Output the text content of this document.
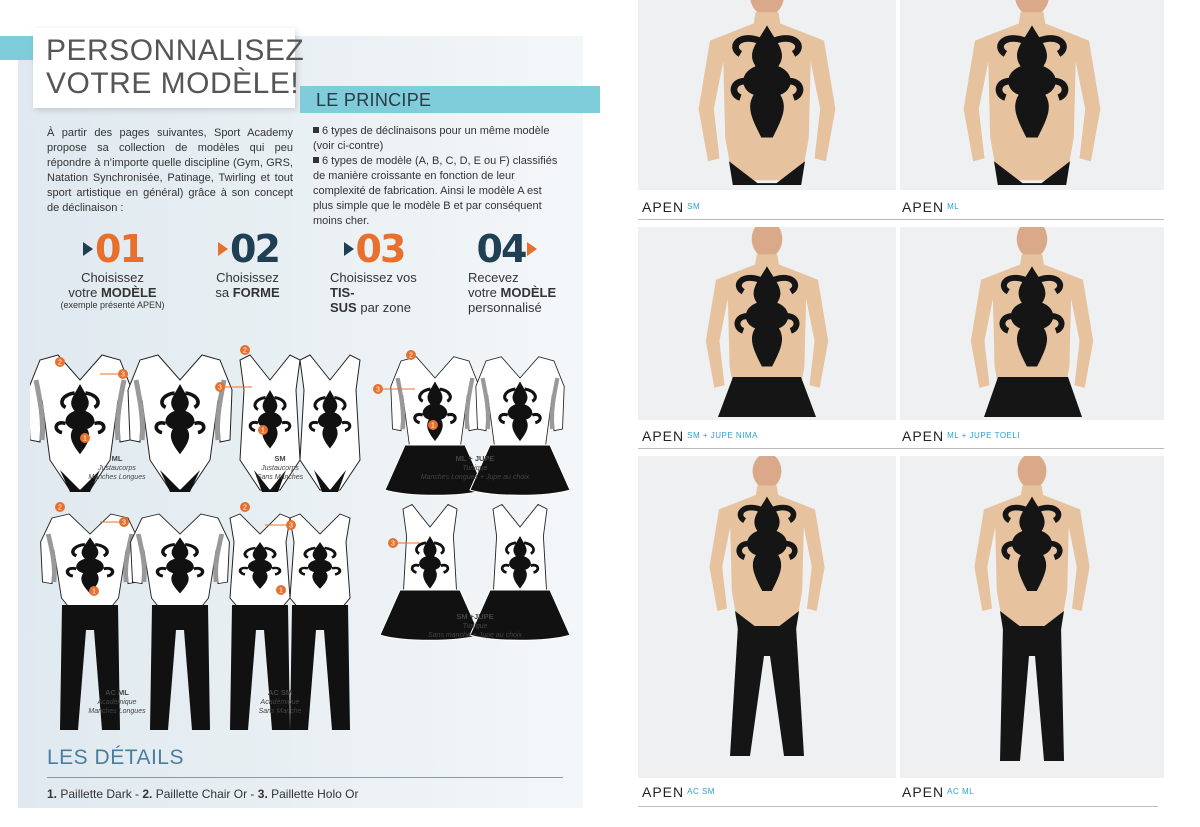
PERSONNALISEZ
VOTRE MODÈLE! LE PRINCIPE
À partir des pages suivantes, Sport Academy propose sa collection de modèles qui peu répondre à n’importe quelle discipline (Gym, GRS, Natation Synchronisée, Patinage, Twirling et tout sport artistique en général) grâce à son concept de déclinaison :

6 types de déclinaisons pour un même modèle (voir ci-contre)

6 types de modèle (A, B, C, D, E ou F) classifiés de manière croissante en fonction de leur complexité de fabrication. Ainsi le modèle A est plus simple que le modèle B et par conséquent moins cher.

01
Choisissez
votre MODÈLE
(exemple présenté APEN)
02
Choisissez
sa FORME
03
Choisissez vos TIS-
SUS par zone
04
Recevez
votre MODÈLE
personnalisé
2
3
1
2
3
1
2
3
1
2
3
1
2
3
1
3
ML
Justaucorps
Manches Longues
SM
Justaucorps
Sans Manches
ML + JUPE
Tunique
Manches Longues + Jupe au choix
AC ML
Académique
Manches Longues
AC SM
Académique
Sans Manche
SM +JUPE
Tunique
Sans manche + Jupe au choix
LES DÉTAILS
1. Paillette Dark - 2. Paillette Chair Or - 3. Paillette Holo Or
APEN ℠	APEN $^{ML}$
APEN $^{SM + JUPE NIMA}$	APEN $^{ML + JUPE TOELI}$
APEN $^{AC SM}$	APEN $^{AC ML}$
